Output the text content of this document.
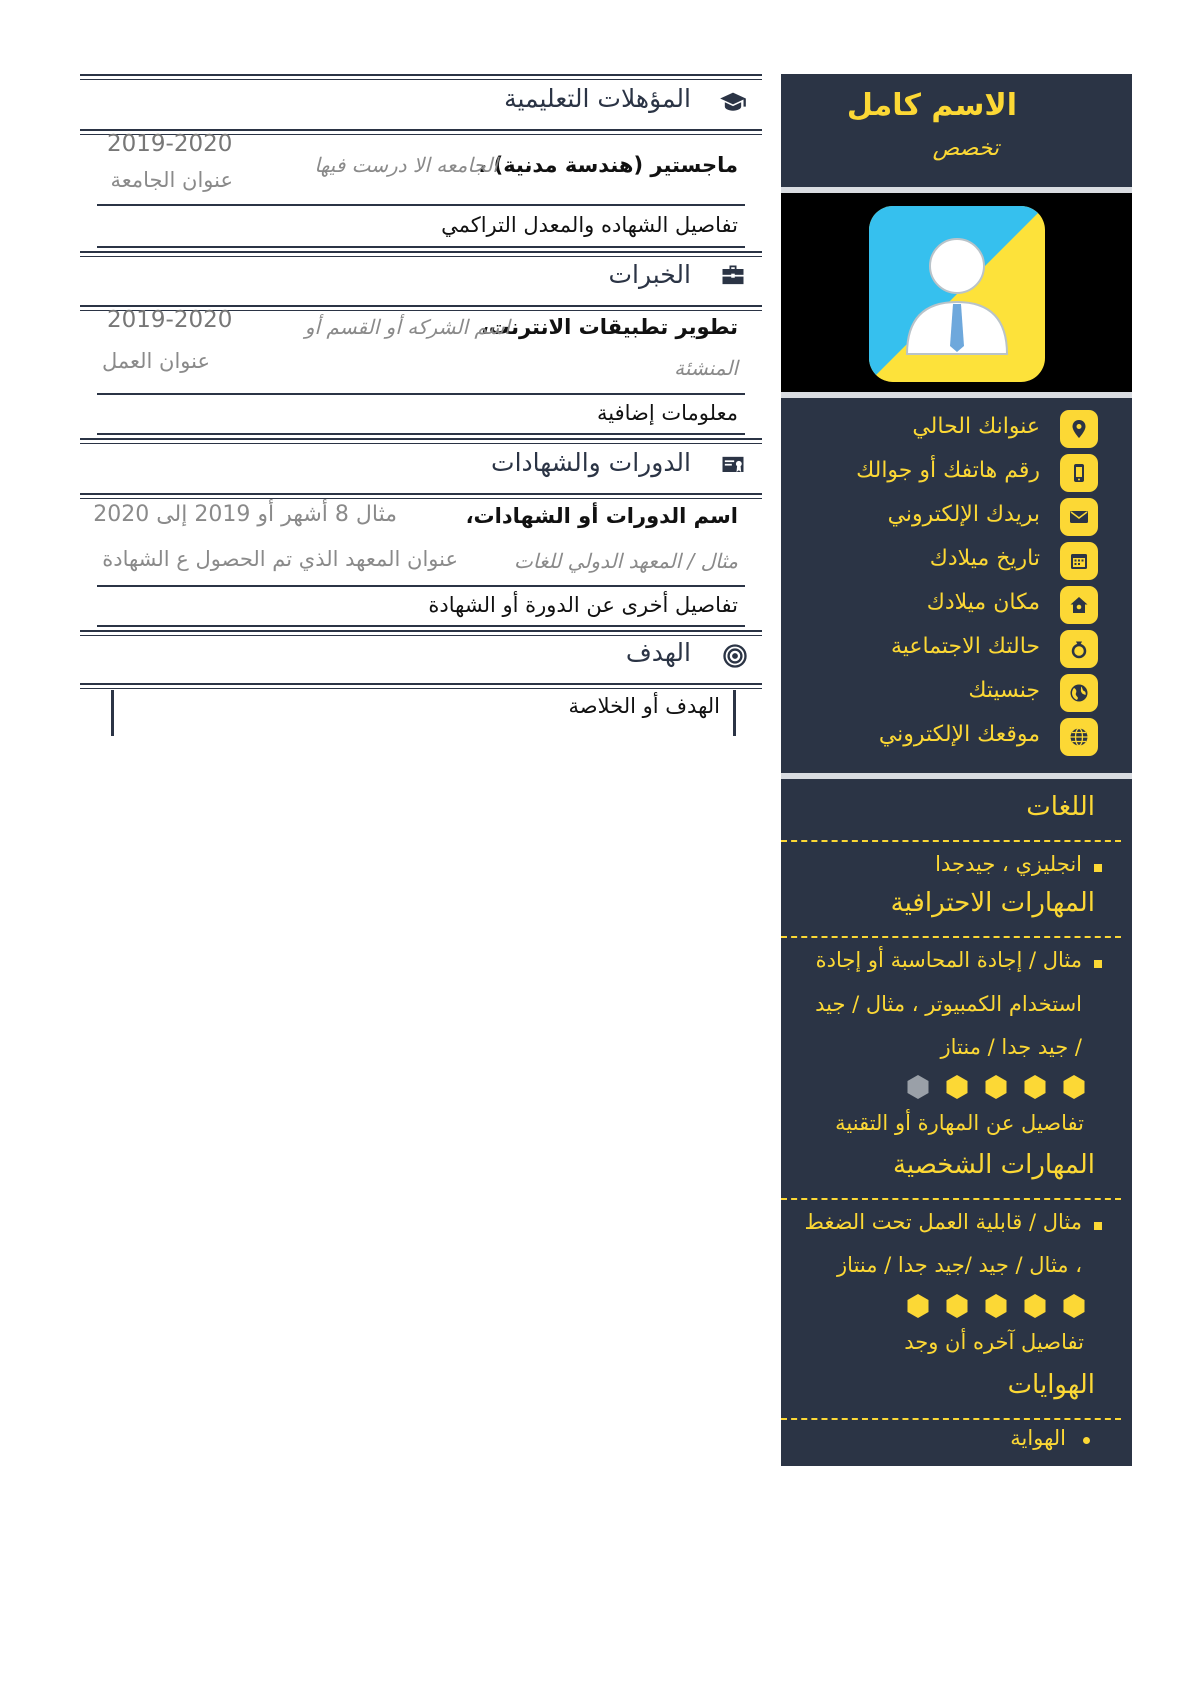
المؤهلات التعليمية
ماجستير (هندسة مدنية) ،
الجامعه الا درست فيها
2019-2020
عنوان الجامعة
تفاصيل الشهاده والمعدل التراكمي
الخبرات
تطوير تطبيقات الانترنت،
اسم الشركه أو القسم أو
المنشئة
2019-2020
عنوان العمل
معلومات إضافية
الدورات والشهادات
اسم الدورات أو الشهادات،
مثال 8 أشهر أو 2019 إلى 2020
مثال / المعهد الدولي للغات
عنوان المعهد الذي تم الحصول ع الشهادة
تفاصيل أخرى عن الدورة أو الشهادة
الهدف
الهدف أو الخلاصة
الاسم كامل
تخصص
عنوانك الحالي
رقم هاتفك أو جوالك
بريدك الإلكتروني
تاريخ ميلادك
مكان ميلادك
حالتك الاجتماعية
جنسيتك
موقعك الإلكتروني
اللغات
انجليزي ، جيدجدا
المهارات الاحترافية
مثال / إجادة المحاسبة أو إجادة
استخدام الكمبيوتر ، مثال / جيد
/ جيد جدا / منتاز
تفاصيل عن المهارة أو التقنية
المهارات الشخصية
مثال / قابلية العمل تحت الضغط
، مثال / جيد /جيد جدا / منتاز
تفاصيل آخره أن وجد
الهوايات
الهواية
